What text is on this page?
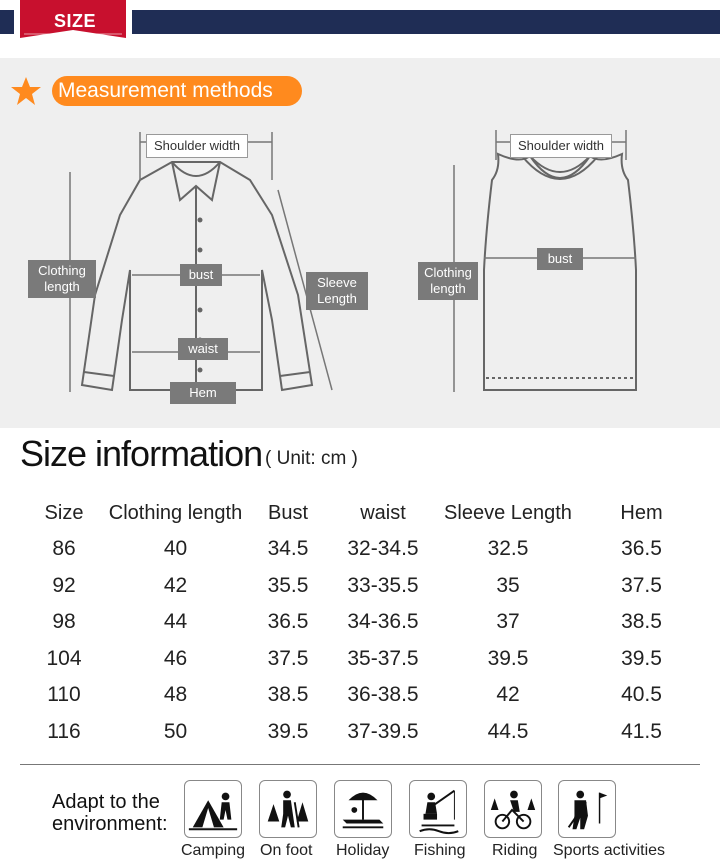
SIZE
Measurement methods
Shoulder width
bust
Clothing
length	Sleeve
Length
waist
Hem
Shoulder width
bust
Clothing
length
Size information ( Unit: cm )
Size	Clothing length	Bust	waist	Sleeve Length	Hem
86	40	34.5	32-34.5	32.5	36.5
92	42	35.5	33-35.5	35	37.5
98	44	36.5	34-36.5	37	38.5
104	46	37.5	35-37.5	39.5	39.5
110	48	38.5	36-38.5	42	40.5
116	50	39.5	37-39.5	44.5	41.5
Adapt to the
environment:
Camping On foot Holiday Fishing Riding Sports activities
